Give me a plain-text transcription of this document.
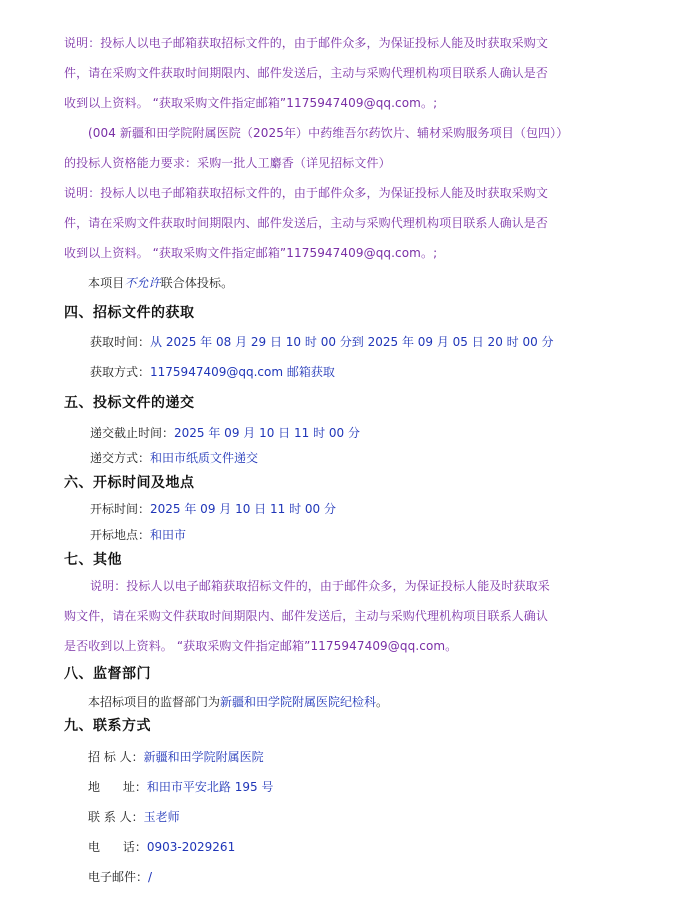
说明：投标人以电子邮箱获取招标文件的，由于邮件众多，为保证投标人能及时获取采购文
件，请在采购文件获取时间期限内、邮件发送后，主动与采购代理机构项目联系人确认是否
收到以上资料。 “获取采购文件指定邮箱”1175947409@qq.com。;
(004 新疆和田学院附属医院（2025年）中药维吾尔药饮片、辅材采购服务项目（包四））
的投标人资格能力要求：采购一批人工麝香（详见招标文件）
说明：投标人以电子邮箱获取招标文件的，由于邮件众多，为保证投标人能及时获取采购文
件，请在采购文件获取时间期限内、邮件发送后，主动与采购代理机构项目联系人确认是否
收到以上资料。 “获取采购文件指定邮箱”1175947409@qq.com。;
本项目不允许联合体投标。
四、招标文件的获取
获取时间：从 2025 年 08 月 29 日 10 时 00 分到 2025 年 09 月 05 日 20 时 00 分
获取方式：1175947409@qq.com 邮箱获取
五、投标文件的递交
递交截止时间：2025 年 09 月 10 日 11 时 00 分
递交方式：和田市纸质文件递交
六、开标时间及地点
开标时间：2025 年 09 月 10 日 11 时 00 分
开标地点：和田市
七、其他
说明：投标人以电子邮箱获取招标文件的，由于邮件众多，为保证投标人能及时获取采
购文件，请在采购文件获取时间期限内、邮件发送后，主动与采购代理机构项目联系人确认
是否收到以上资料。 “获取采购文件指定邮箱”1175947409@qq.com。
八、监督部门
本招标项目的监督部门为新疆和田学院附属医院纪检科。
九、联系方式
招 标 人：新疆和田学院附属医院
地      址：和田市平安北路 195 号
联 系 人：玉老师
电      话：0903-2029261
电子邮件：/
